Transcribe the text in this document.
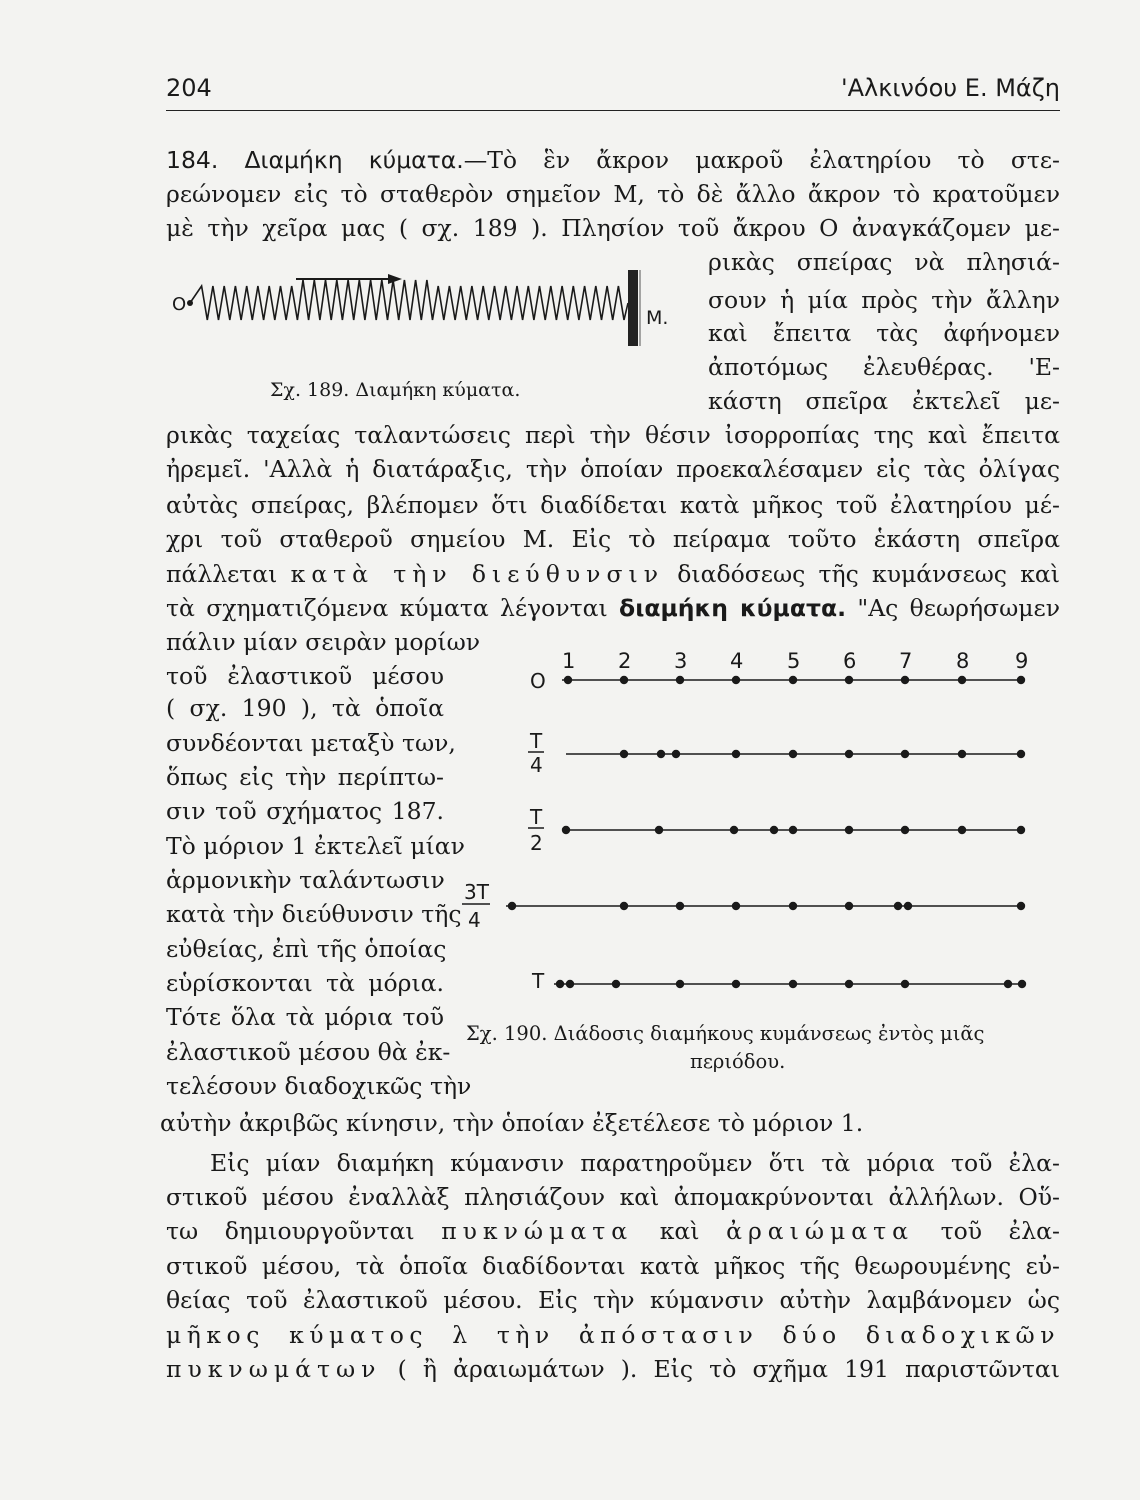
204	'Αλκινόου Ε. Μάζη
184. Διαμήκη κύματα.—Τὸ ἓν ἄκρον μακροῦ ἐλατηρίου τὸ στε-
ρεώνομεν εἰς τὸ σταθερὸν σημεῖον Μ, τὸ δὲ ἄλλο ἄκρον τὸ κρατοῦμεν
μὲ τὴν χεῖρα μας ( σχ. 189 ). Πλησίον τοῦ ἄκρου Ο ἀναγκάζομεν με-
ρικὰς σπείρας νὰ πλησιά-
σουν ἡ μία πρὸς τὴν ἄλλην
καὶ ἔπειτα τὰς ἀφήνομεν
ἀποτόμως ἐλευθέρας. 'Ε-
κάστη σπεῖρα ἐκτελεῖ με-
O
M.
Σχ. 189. Διαμήκη κύματα.
ρικὰς ταχείας ταλαντώσεις περὶ τὴν θέσιν ἰσορροπίας της καὶ ἔπειτα
ἠρεμεῖ. 'Αλλὰ ἡ διατάραξις, τὴν ὁποίαν προεκαλέσαμεν εἰς τὰς ὀλίγας
αὐτὰς σπείρας, βλέπομεν ὅτι διαδίδεται κατὰ μῆκος τοῦ ἐλατηρίου μέ-
χρι τοῦ σταθεροῦ σημείου Μ. Εἰς τὸ πείραμα τοῦτο ἑκάστη σπεῖρα
πάλλεται κατὰ τὴν διεύθυνσιν διαδόσεως τῆς κυμάνσεως καὶ
τὰ σχηματιζόμενα κύματα λέγονται διαμήκη κύματα. "Ας θεωρήσωμεν
πάλιν μίαν σειρὰν μορίων
τοῦ ἐλαστικοῦ μέσου
( σχ. 190 ), τὰ ὁποῖα
συνδέονται μεταξὺ των,
ὅπως εἰς τὴν περίπτω-
σιν τοῦ σχήματος 187.
Τὸ μόριον 1 ἐκτελεῖ μίαν
ἁρμονικὴν ταλάντωσιν
κατὰ τὴν διεύθυνσιν τῆς
εὐθείας, ἐπὶ τῆς ὁποίας
εὑρίσκονται τὰ μόρια.
Τότε ὅλα τὰ μόρια τοῦ
ἐλαστικοῦ μέσου θὰ ἐκ-
τελέσουν διαδοχικῶς τὴν
1 2 3 4 5 6 7 8 9
O
T
4
T
2
3T
4
T
Σχ. 190. Διάδοσις διαμήκους κυμάνσεως ἐντὸς μιᾶς
περιόδου.
αὐτὴν ἀκριβῶς κίνησιν, τὴν ὁποίαν ἐξετέλεσε τὸ μόριον 1.
Εἰς μίαν διαμήκη κύμανσιν παρατηροῦμεν ὅτι τὰ μόρια τοῦ ἐλα-
στικοῦ μέσου ἐναλλὰξ πλησιάζουν καὶ ἀπομακρύνονται ἀλλήλων. Οὕ-
τω δημιουργοῦνται πυκνώματα καὶ ἀραιώματα τοῦ ἐλα-
στικοῦ μέσου, τὰ ὁποῖα διαδίδονται κατὰ μῆκος τῆς θεωρουμένης εὐ-
θείας τοῦ ἐλαστικοῦ μέσου. Εἰς τὴν κύμανσιν αὐτὴν λαμβάνομεν ὡς
μῆκος κύματος λ τὴν ἀπόστασιν δύο διαδοχικῶν
πυκνωμάτων ( ἢ ἀραιωμάτων ). Εἰς τὸ σχῆμα 191 παριστῶνται
